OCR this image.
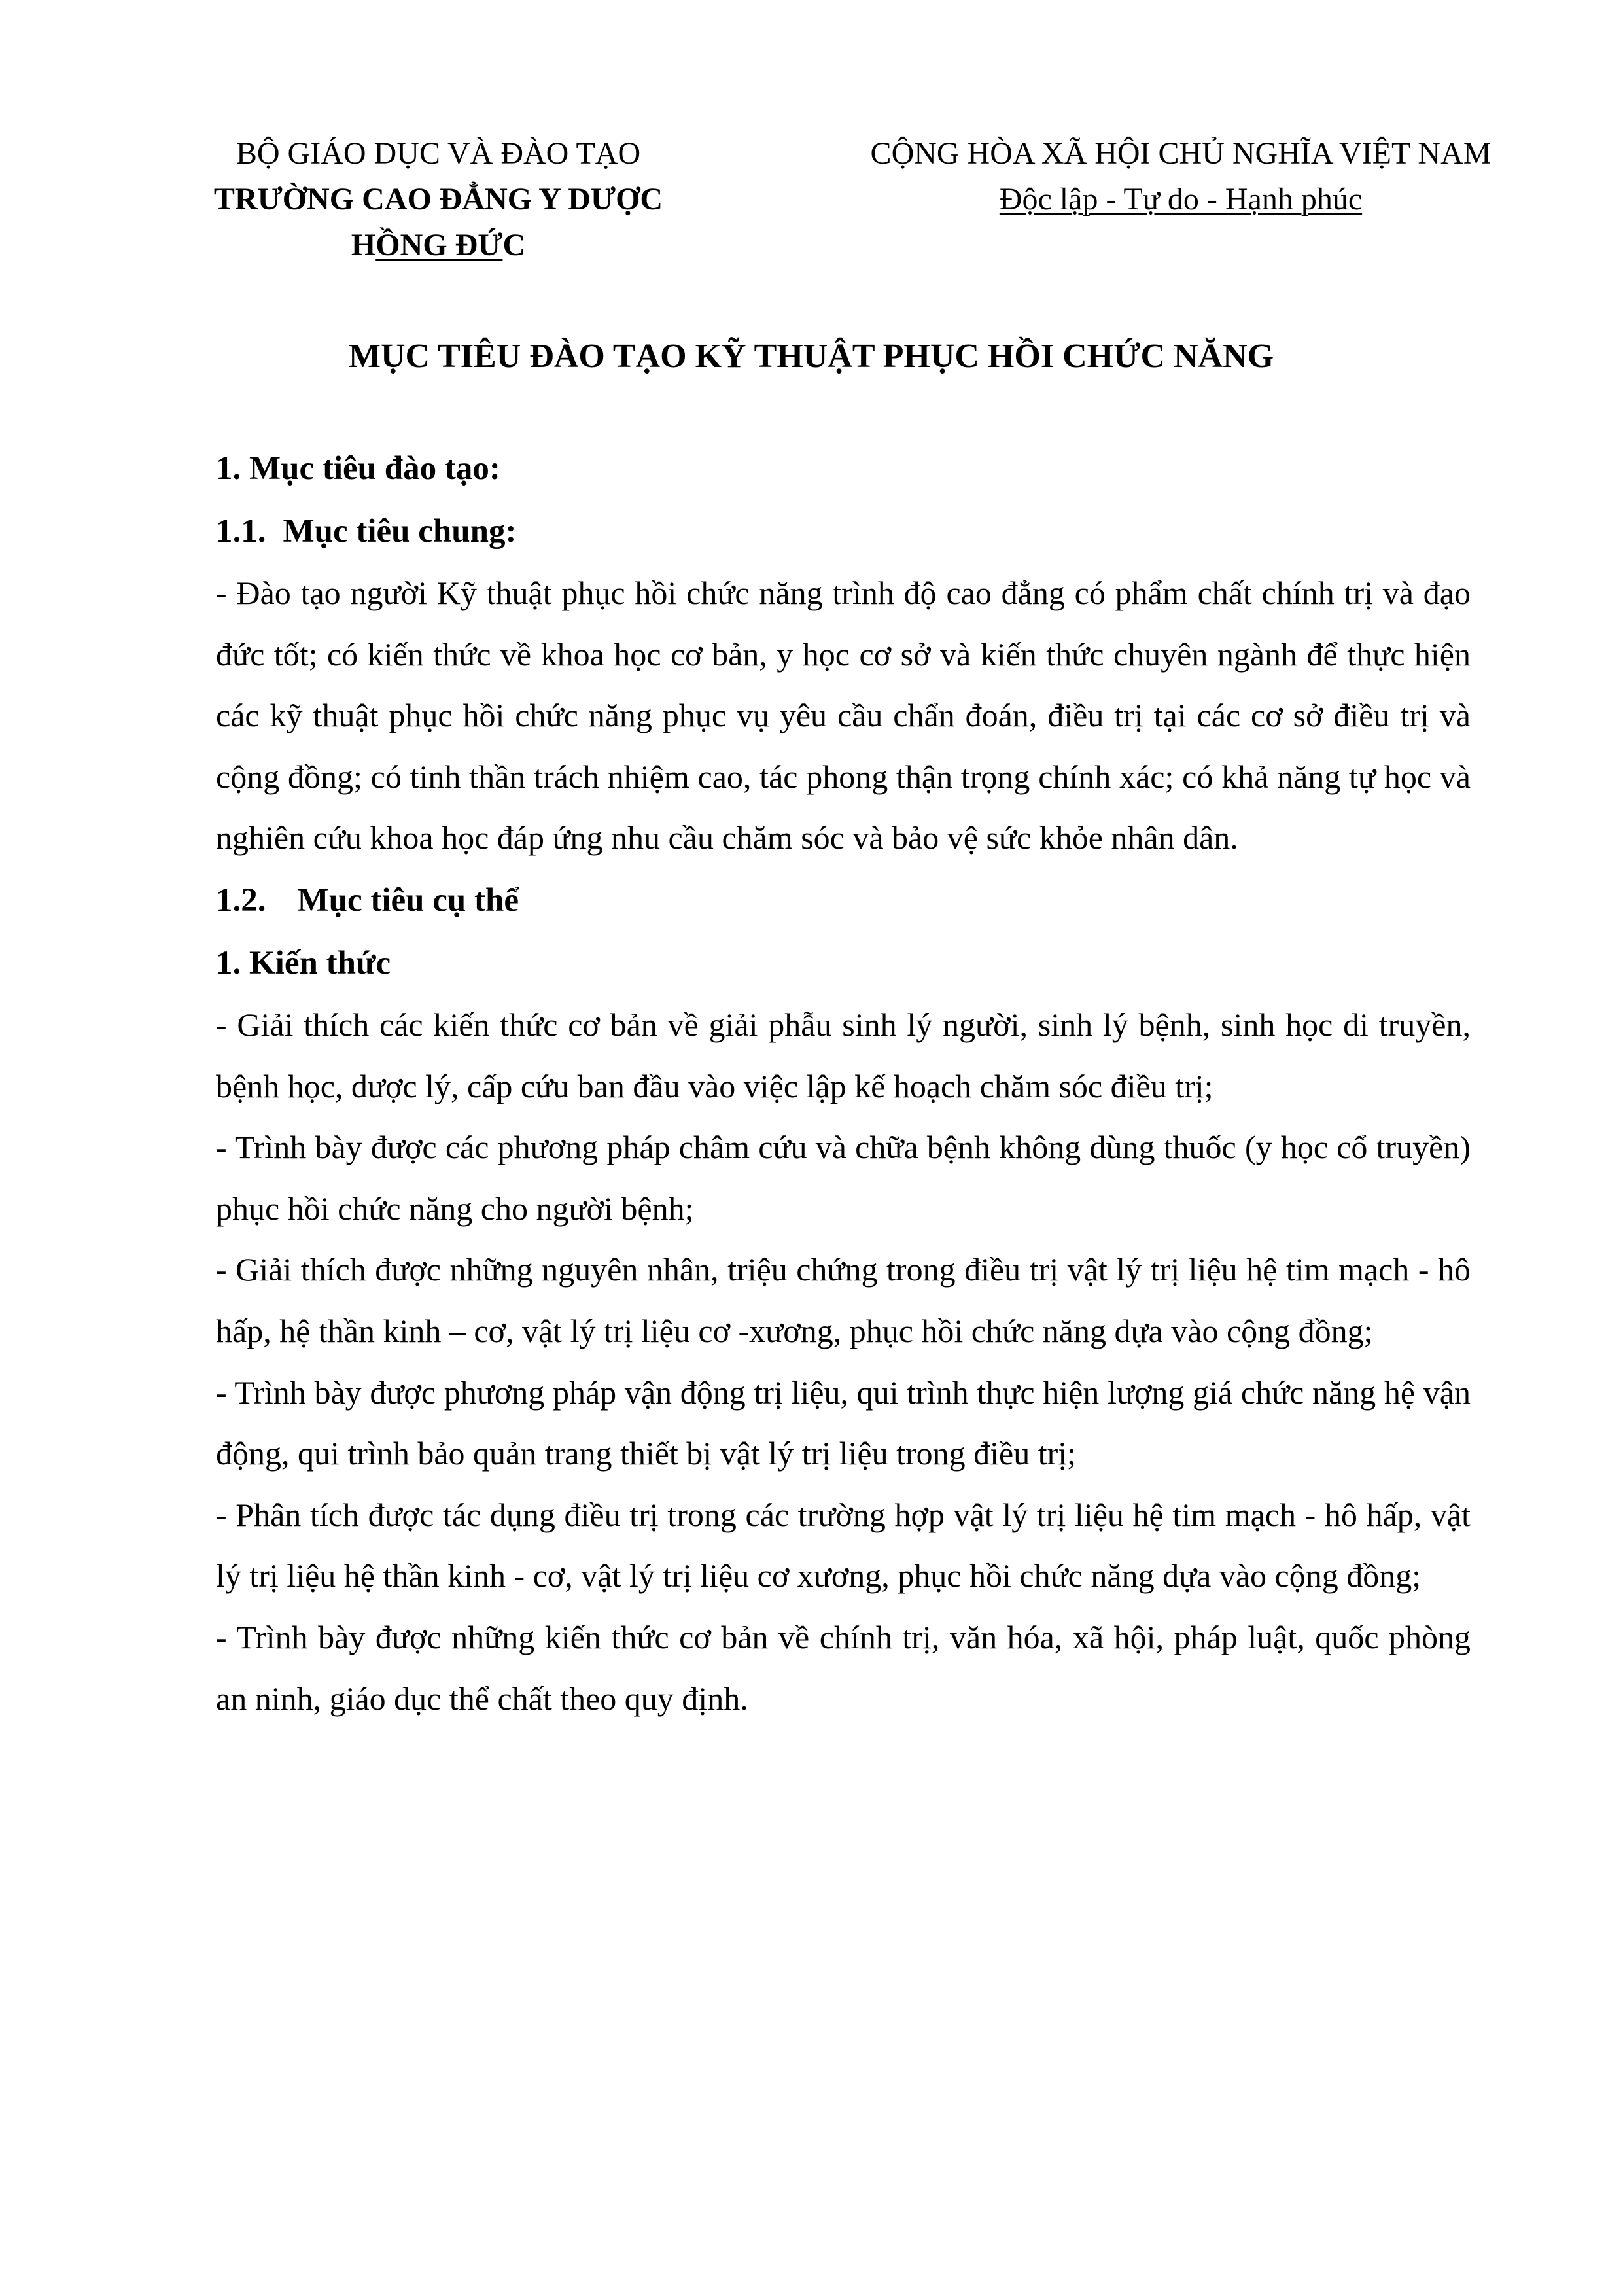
BỘ GIÁO DỤC VÀ ĐÀO TẠO
TRƯỜNG CAO ĐẲNG Y DƯỢC
HỒNG ĐỨC
CỘNG HÒA XÃ HỘI CHỦ NGHĨA VIỆT NAM
Độc lập - Tự do - Hạnh phúc
MỤC TIÊU ĐÀO TẠO KỸ THUẬT PHỤC HỒI CHỨC NĂNG
1. Mục tiêu đào tạo:
1.1. Mục tiêu chung:

- Đào tạo người Kỹ thuật phục hồi chức năng trình độ cao đẳng có phẩm chất chính trị và đạo đức tốt; có kiến thức về khoa học cơ bản, y học cơ sở và kiến thức chuyên ngành để thực hiện các kỹ thuật phục hồi chức năng phục vụ yêu cầu chẩn đoán, điều trị tại các cơ sở điều trị và cộng đồng; có tinh thần trách nhiệm cao, tác phong thận trọng chính xác; có khả năng tự học và nghiên cứu khoa học đáp ứng nhu cầu chăm sóc và bảo vệ sức khỏe nhân dân.

1.2. Mục tiêu cụ thể
1. Kiến thức

- Giải thích các kiến thức cơ bản về giải phẫu sinh lý người, sinh lý bệnh, sinh học di truyền, bệnh học, dược lý, cấp cứu ban đầu vào việc lập kế hoạch chăm sóc điều trị;

- Trình bày được các phương pháp châm cứu và chữa bệnh không dùng thuốc (y học cổ truyền) phục hồi chức năng cho người bệnh;

- Giải thích được những nguyên nhân, triệu chứng trong điều trị vật lý trị liệu hệ tim mạch - hô hấp, hệ thần kinh – cơ, vật lý trị liệu cơ -xương, phục hồi chức năng dựa vào cộng đồng;

- Trình bày được phương pháp vận động trị liệu, qui trình thực hiện lượng giá chức năng hệ vận động, qui trình bảo quản trang thiết bị vật lý trị liệu trong điều trị;

- Phân tích được tác dụng điều trị trong các trường hợp vật lý trị liệu hệ tim mạch - hô hấp, vật lý trị liệu hệ thần kinh - cơ, vật lý trị liệu cơ xương, phục hồi chức năng dựa vào cộng đồng;

- Trình bày được những kiến thức cơ bản về chính trị, văn hóa, xã hội, pháp luật, quốc phòng an ninh, giáo dục thể chất theo quy định.
